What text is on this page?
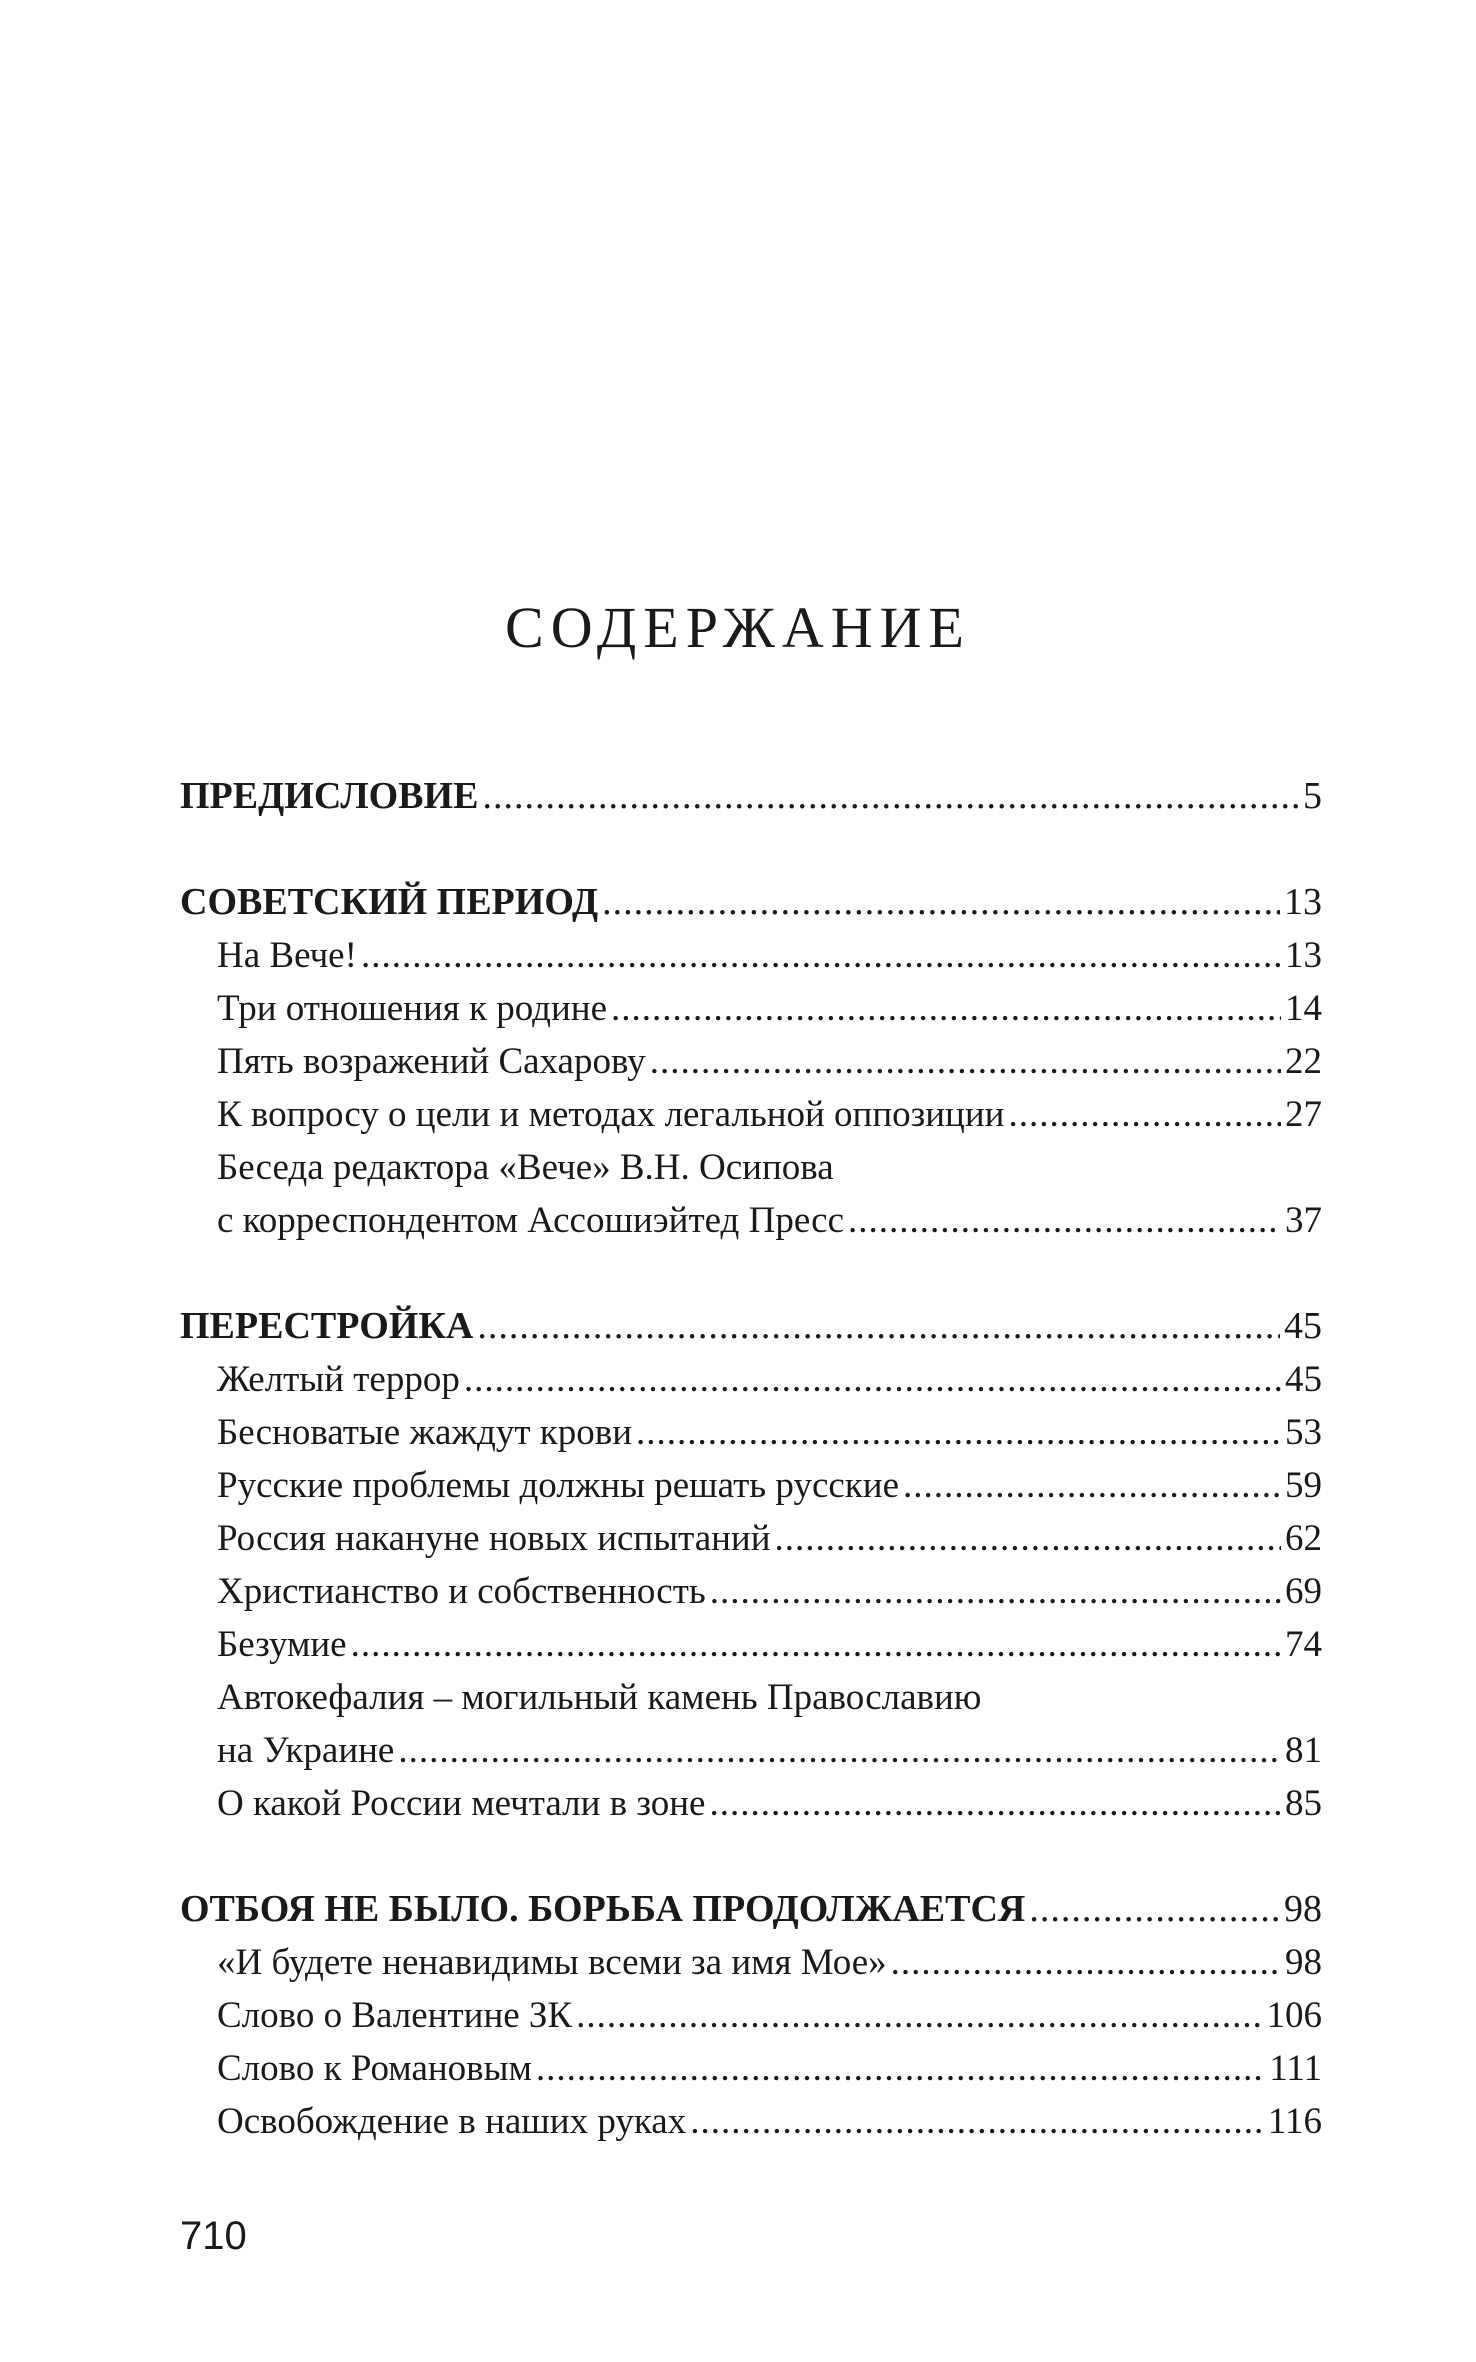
СОДЕРЖАНИЕ
ПРЕДИСЛОВИЕ .....	5
СОВЕТСКИЙ ПЕРИОД .....	13
На Вече! .....	13
Три отношения к родине .....	14
Пять возражений Сахарову .....	22
К вопросу о цели и методах легальной оппозиции .....	27
Беседа редактора «Вече» В.Н. Осипова
с корреспондентом Ассошиэйтед Пресс .....	37
ПЕРЕСТРОЙКА .....	45
Желтый террор .....	45
Бесноватые жаждут крови .....	53
Русские проблемы должны решать русские .....	59
Россия накануне новых испытаний .....	62
Христианство и собственность .....	69
Безумие .....	74
Автокефалия – могильный камень Православию
на Украине .....	81
О какой России мечтали в зоне .....	85
ОТБОЯ НЕ БЫЛО. БОРЬБА ПРОДОЛЖАЕТСЯ .....	98
«И будете ненавидимы всеми за имя Мое» .....	98
Слово о Валентине ЗК .....	106
Слово к Романовым .....	111
Освобождение в наших руках .....	116
710
